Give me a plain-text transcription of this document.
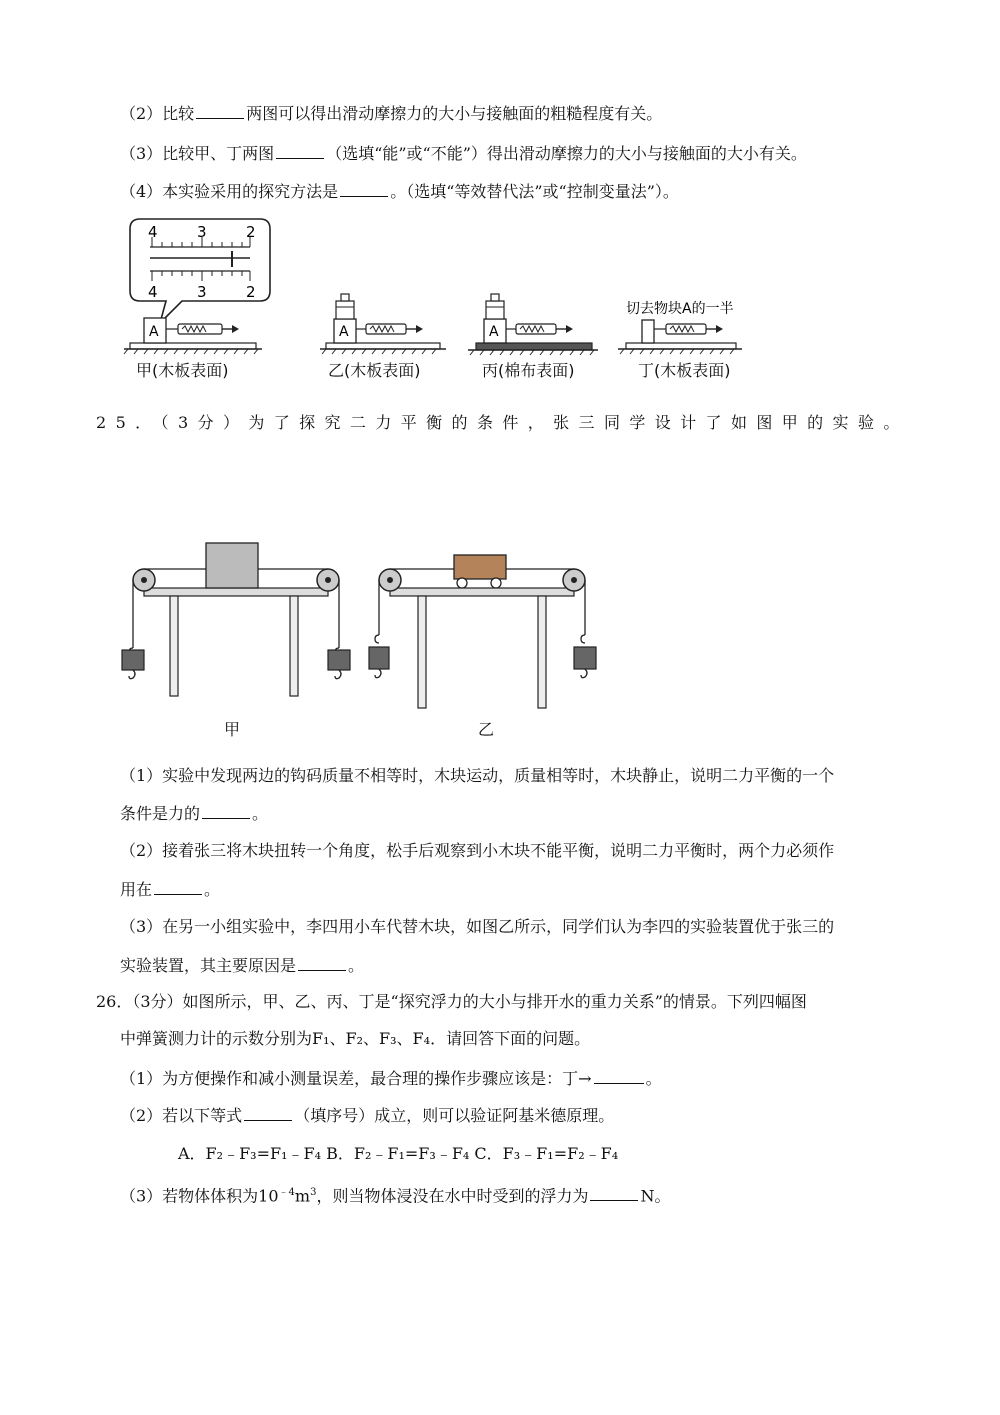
（2）比较	两图可以得出滑动摩擦力的大小与接触面的粗糙程度有关。
（3）比较甲、丁两图	（选填“能”或“不能”）得出滑动摩擦力的大小与接触面的大小有关。
（4）本实验采用的探究方法是	。（选填“等效替代法”或“控制变量法”）。
4	3	2
4	3	2
A	A	A
切去物块A的一半
甲(木板表面)	乙(木板表面)	丙(棉布表面)	丁(木板表面)
25．（3分）为了探究二力平衡的条件，张三同学设计了如图甲的实验。
甲	乙
（1）实验中发现两边的钩码质量不相等时，木块运动，质量相等时，木块静止，说明二力平衡的一个
条件是力的	。
（2）接着张三将木块扭转一个角度，松手后观察到小木块不能平衡，说明二力平衡时，两个力必须作
用在	。
（3）在另一小组实验中，李四用小车代替木块，如图乙所示，同学们认为李四的实验装置优于张三的
实验装置，其主要原因是	。
26．（3分）如图所示，甲、乙、丙、丁是“探究浮力的大小与排开水的重力关系”的情景。下列四幅图
中弹簧测力计的示数分别为F₁、F₂、F₃、F₄．请回答下面的问题。
（1）为方便操作和减小测量误差，最合理的操作步骤应该是：丁→	。
（2）若以下等式	（填序号）成立，则可以验证阿基米德原理。
A．F₂﹣F₃=F₁﹣F₄ B．F₂﹣F₁=F₃﹣F₄ C．F₃﹣F₁=F₂﹣F₄
（3）若物体体积为$10^{﹣4}m^3$，则当物体浸没在水中时受到的浮力为	N。
